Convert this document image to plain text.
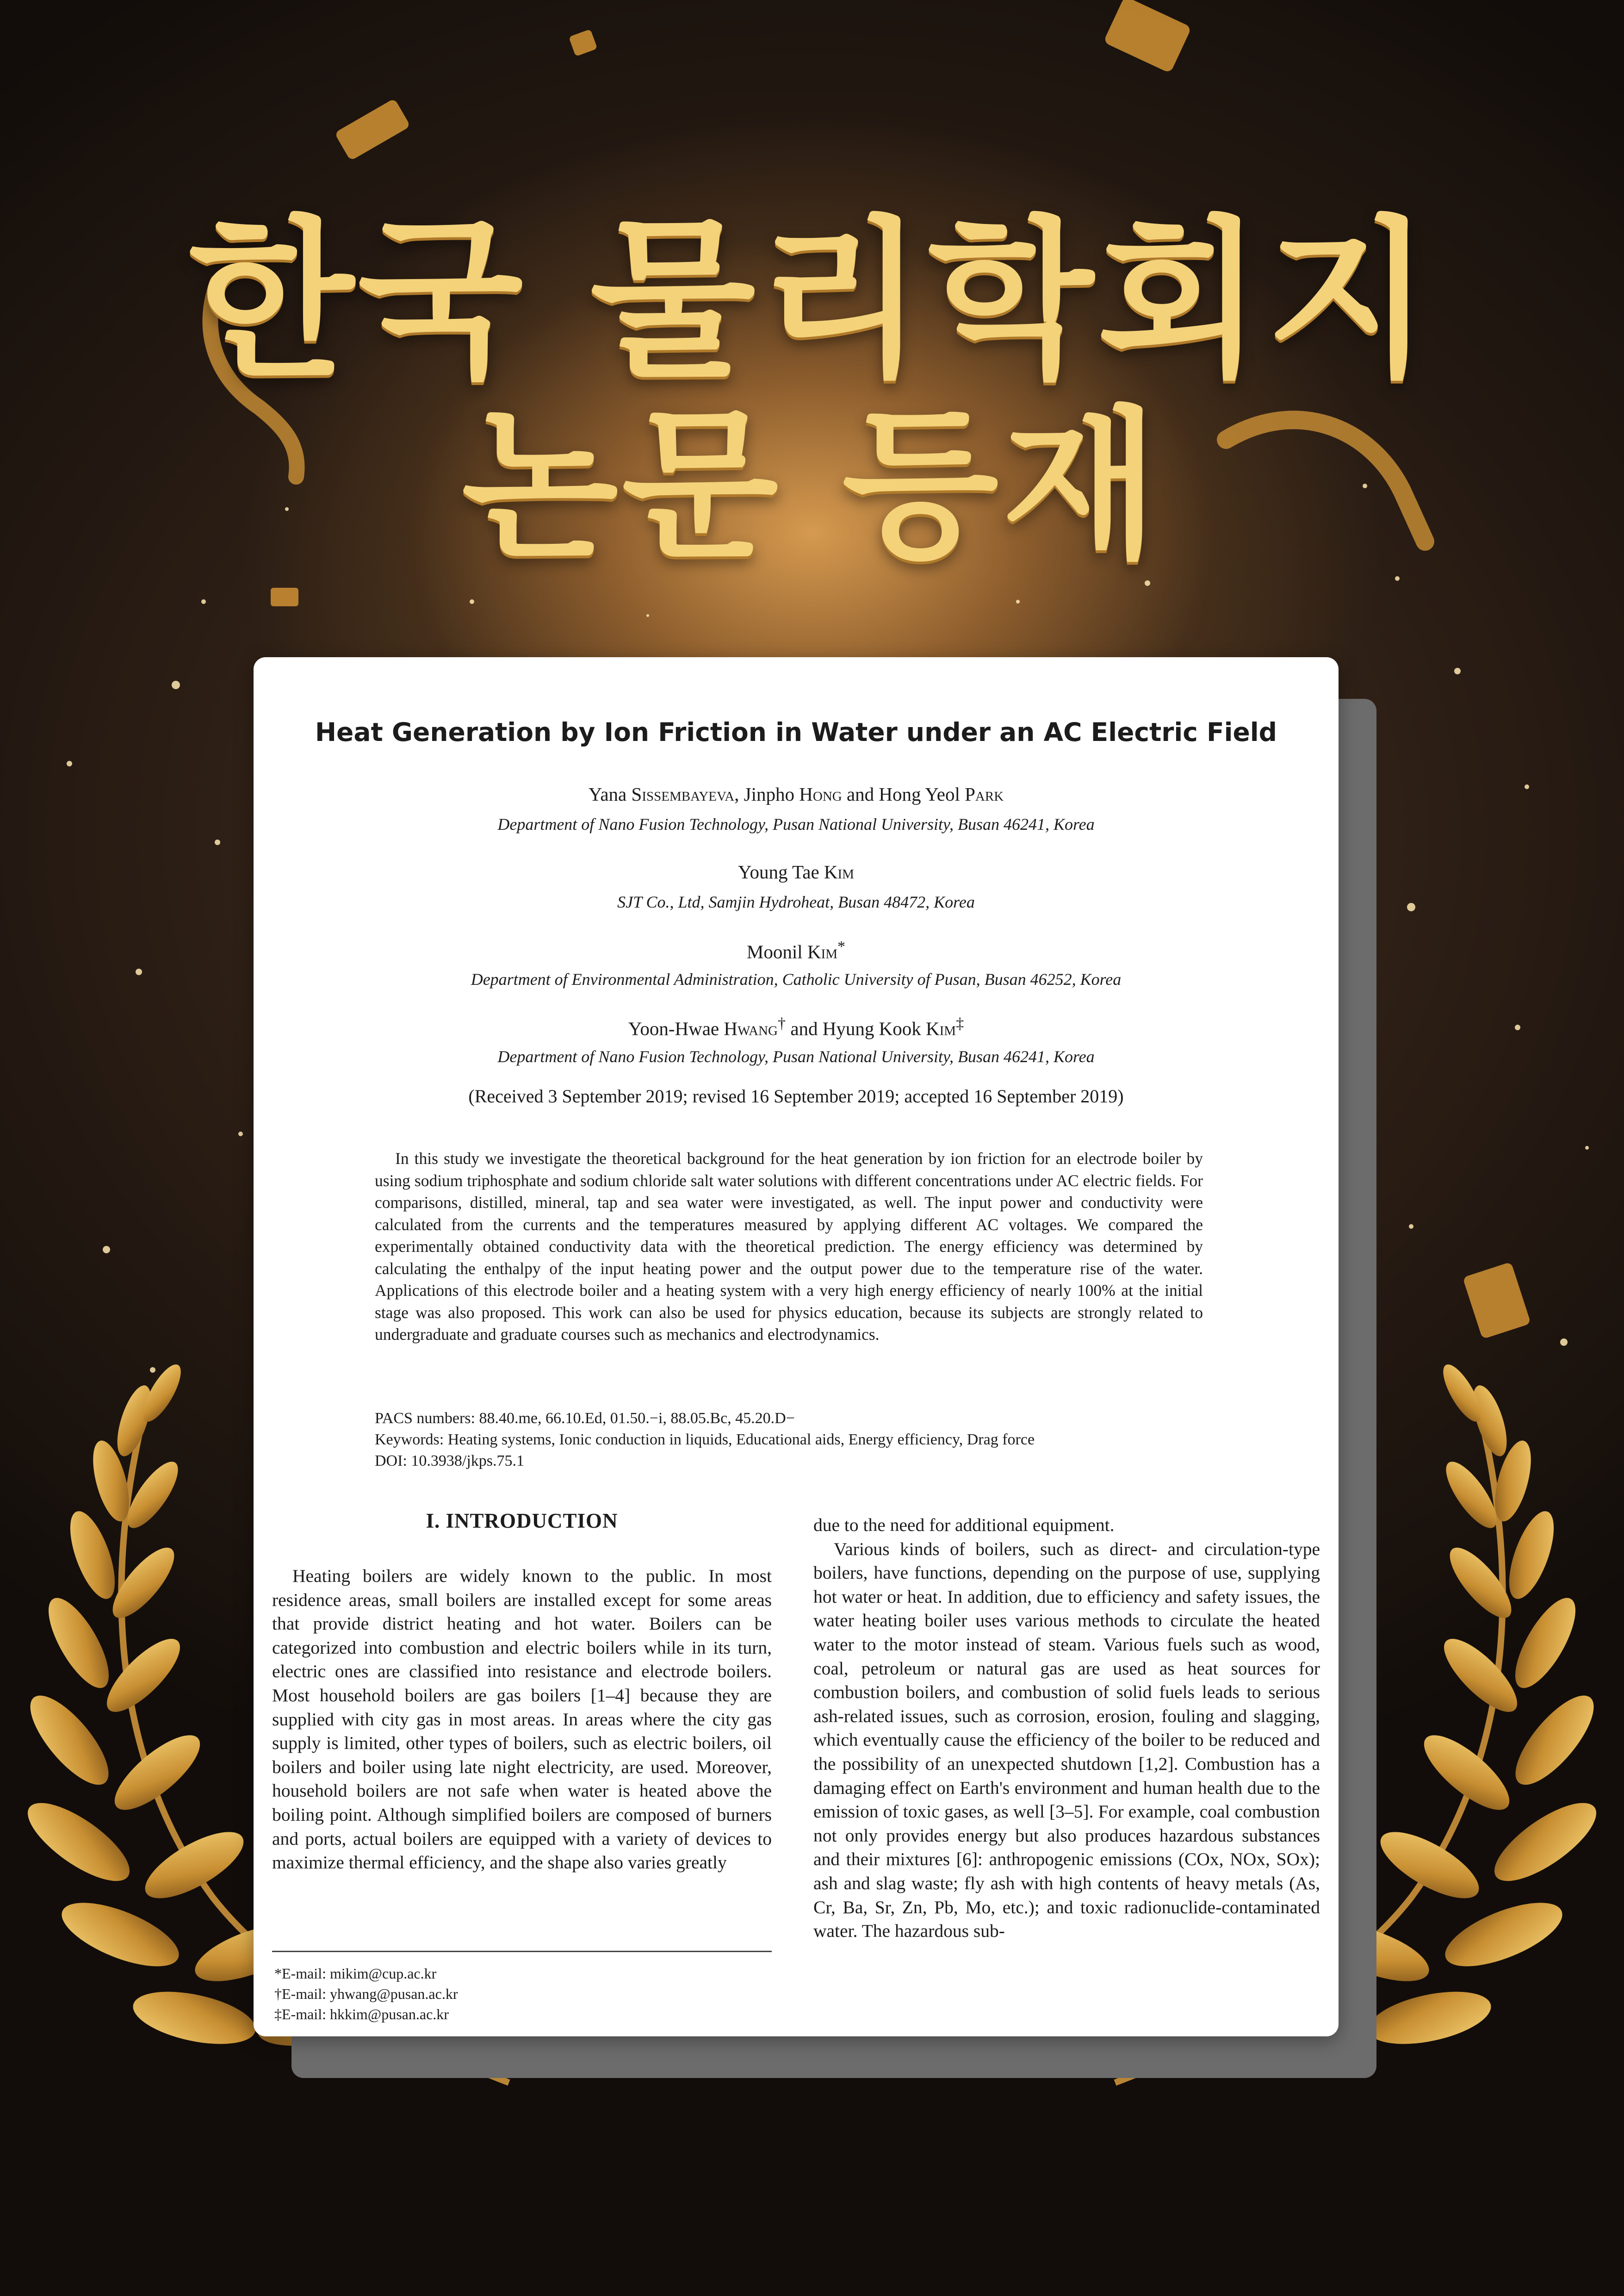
한국 물리학회지
논문 등재
Heat Generation by Ion Friction in Water under an AC Electric Field
Yana Sissembayeva, Jinpho Hong and Hong Yeol Park
Department of Nano Fusion Technology, Pusan National University, Busan 46241, Korea
Young Tae Kim
SJT Co., Ltd, Samjin Hydroheat, Busan 48472, Korea
Moonil Kim*
Department of Environmental Administration, Catholic University of Pusan, Busan 46252, Korea
Yoon-Hwae Hwang† and Hyung Kook Kim‡
Department of Nano Fusion Technology, Pusan National University, Busan 46241, Korea
(Received 3 September 2019; revised 16 September 2019; accepted 16 September 2019)

In this study we investigate the theoretical background for the heat generation by ion friction for an electrode boiler by using sodium triphosphate and sodium chloride salt water solutions with different concentrations under AC electric fields. For comparisons, distilled, mineral, tap and sea water were investigated, as well. The input power and conductivity were calculated from the currents and the temperatures measured by applying different AC voltages. We compared the experimentally obtained conductivity data with the theoretical prediction. The energy efficiency was determined by calculating the enthalpy of the input heating power and the output power due to the temperature rise of the water. Applications of this electrode boiler and a heating system with a very high energy efficiency of nearly 100% at the initial stage was also proposed. This work can also be used for physics education, because its subjects are strongly related to undergraduate and graduate courses such as mechanics and electrodynamics.

PACS numbers: 88.40.me, 66.10.Ed, 01.50.−i, 88.05.Bc, 45.20.D−
Keywords: Heating systems, Ionic conduction in liquids, Educational aids, Energy efficiency, Drag force
DOI: 10.3938/jkps.75.1
I. INTRODUCTION

Heating boilers are widely known to the public. In most residence areas, small boilers are installed except for some areas that provide district heating and hot water. Boilers can be categorized into combustion and electric boilers while in its turn, electric ones are classified into resistance and electrode boilers. Most household boilers are gas boilers [1–4] because they are supplied with city gas in most areas. In areas where the city gas supply is limited, other types of boilers, such as electric boilers, oil boilers and boiler using late night electricity, are used. Moreover, household boilers are not safe when water is heated above the boiling point. Although simplified boilers are composed of burners and ports, actual boilers are equipped with a variety of devices to maximize thermal efficiency, and the shape also varies greatly

*E-mail: mikim@cup.ac.kr
†E-mail: yhwang@pusan.ac.kr
‡E-mail: hkkim@pusan.ac.kr

due to the need for additional equipment.

Various kinds of boilers, such as direct- and circulation-type boilers, have functions, depending on the purpose of use, supplying hot water or heat. In addition, due to efficiency and safety issues, the water heating boiler uses various methods to circulate the heated water to the motor instead of steam. Various fuels such as wood, coal, petroleum or natural gas are used as heat sources for combustion boilers, and combustion of solid fuels leads to serious ash-related issues, such as corrosion, erosion, fouling and slagging, which eventually cause the efficiency of the boiler to be reduced and the possibility of an unexpected shutdown [1,2]. Combustion has a damaging effect on Earth's environment and human health due to the emission of toxic gases, as well [3–5]. For example, coal combustion not only provides energy but also produces hazardous substances and their mixtures [6]: anthropogenic emissions (COx, NOx, SOx); ash and slag waste; fly ash with high contents of heavy metals (As, Cr, Ba, Sr, Zn, Pb, Mo, etc.); and toxic radionuclide-contaminated water. The hazardous sub-
